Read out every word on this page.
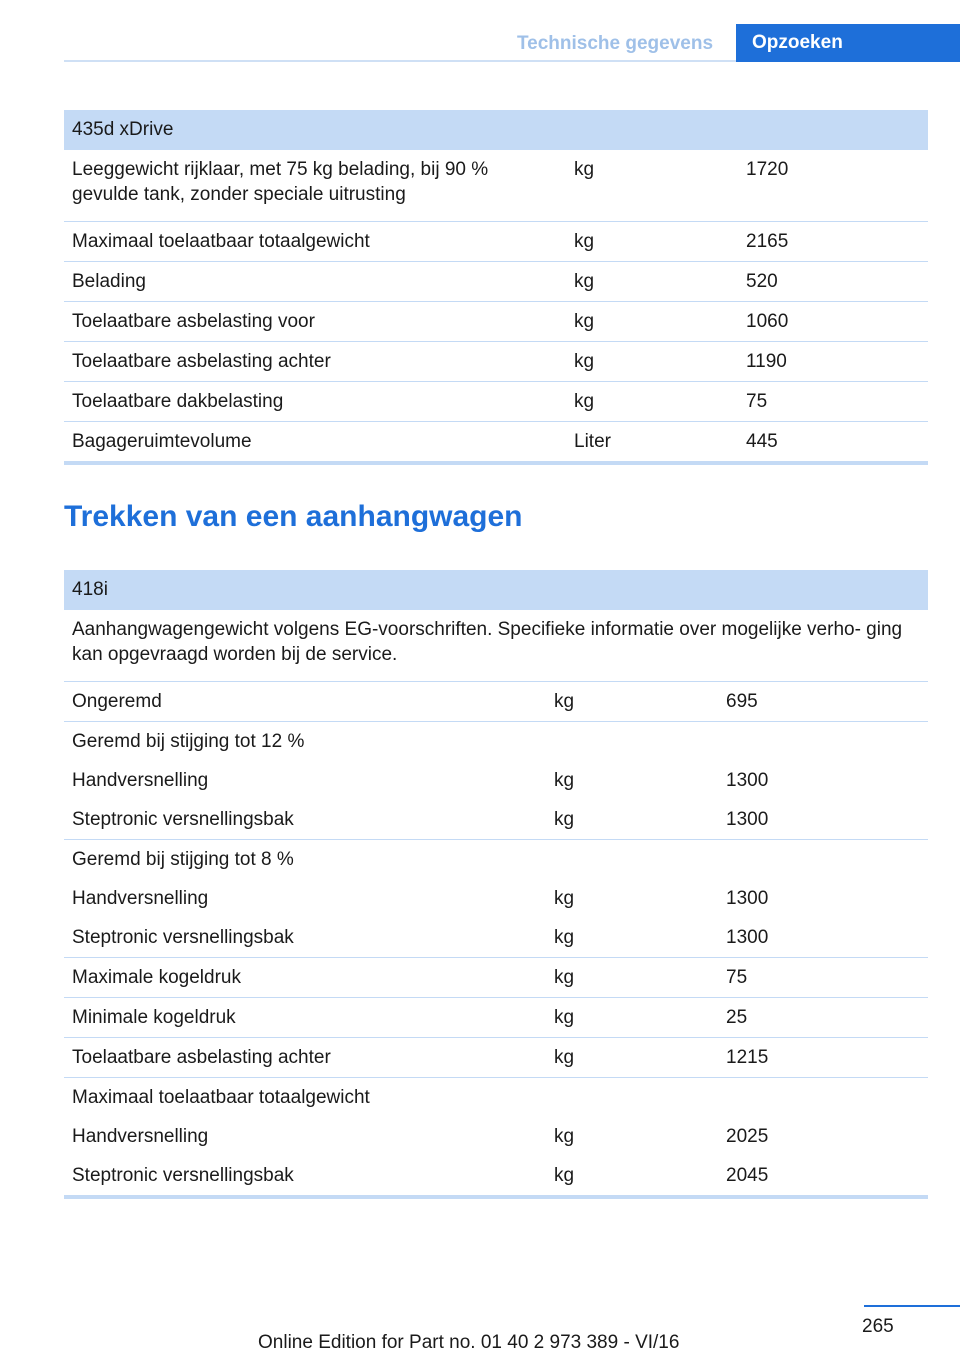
Technische gegevens	Opzoeken
435d xDrive		
Leeggewicht rijklaar, met 75 kg belading, bij 90 % gevulde tank, zonder speciale uitrusting	kg	1720
Maximaal toelaatbaar totaalgewicht	kg	2165
Belading	kg	520
Toelaatbare asbelasting voor	kg	1060
Toelaatbare asbelasting achter	kg	1190
Toelaatbare dakbelasting	kg	75
Bagageruimtevolume	Liter	445

Trekken van een aanhangwagen
418i		
Aanhangwagengewicht volgens EG-voorschriften. Specifieke informatie over mogelijke verho- ging kan opgevraagd worden bij de service.		
Ongeremd	kg	695
Geremd bij stijging tot 12 %		
Handversnelling	kg	1300
Steptronic versnellingsbak	kg	1300
Geremd bij stijging tot 8 %		
Handversnelling	kg	1300
Steptronic versnellingsbak	kg	1300
Maximale kogeldruk	kg	75
Minimale kogeldruk	kg	25
Toelaatbare asbelasting achter	kg	1215
Maximaal toelaatbaar totaalgewicht		
Handversnelling	kg	2025
Steptronic versnellingsbak	kg	2045

265
Online Edition for Part no. 01 40 2 973 389 - VI/16
